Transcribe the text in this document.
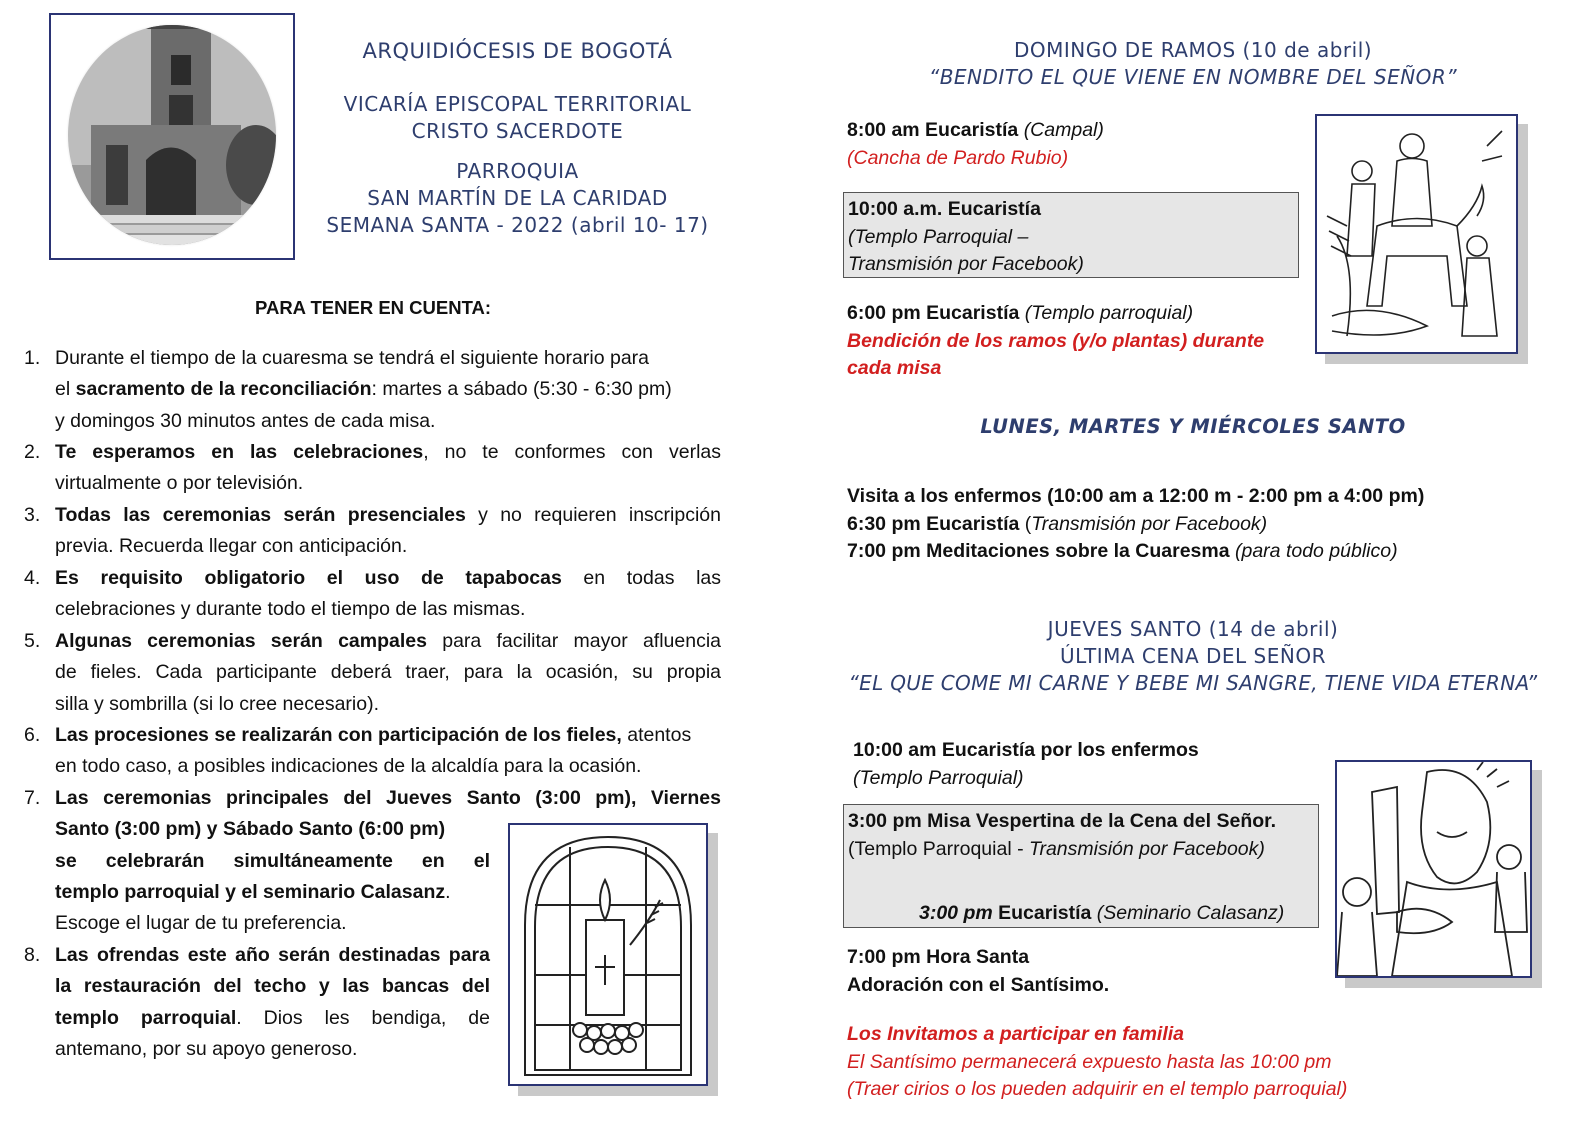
ARQUIDIÓCESIS DE BOGOTÁ
VICARÍA EPISCOPAL TERRITORIAL
CRISTO SACERDOTE
PARROQUIA
SAN MARTÍN DE LA CARIDAD
SEMANA SANTA - 2022 (abril 10- 17)
PARA TENER EN CUENTA:
1. Durante el tiempo de la cuaresma se tendrá el siguiente horario para
el sacramento de la reconciliación: martes a sábado (5:30 - 6:30 pm)
y domingos 30 minutos antes de cada misa.
2. Te esperamos en las celebraciones, no te conformes con verlas
virtualmente o por televisión.
3. Todas las ceremonias serán presenciales y no requieren inscripción
previa. Recuerda llegar con anticipación.
4. Es requisito obligatorio el uso de tapabocas en todas las
celebraciones y durante todo el tiempo de las mismas.
5. Algunas ceremonias serán campales para facilitar mayor afluencia
de fieles. Cada participante deberá traer, para la ocasión, su propia
silla y sombrilla (si lo cree necesario).
6. Las procesiones se realizarán con participación de los fieles, atentos
en todo caso, a posibles indicaciones de la alcaldía para la ocasión.
7. Las ceremonias principales del Jueves Santo (3:00 pm), Viernes
Santo (3:00 pm) y Sábado Santo (6:00 pm)
se celebrarán simultáneamente en el
templo parroquial y el seminario Calasanz.
Escoge el lugar de tu preferencia.
8. Las ofrendas este año serán destinadas para
la restauración del techo y las bancas del
templo parroquial. Dios les bendiga, de
antemano, por su apoyo generoso.
DOMINGO DE RAMOS (10 de abril)
“BENDITO EL QUE VIENE EN NOMBRE DEL SEÑOR”
8:00 am Eucaristía (Campal)
(Cancha de Pardo Rubio)
10:00 a.m. Eucaristía
(Templo Parroquial –
Transmisión por Facebook)
6:00 pm Eucaristía (Templo parroquial)
Bendición de los ramos (y/o plantas) durante
cada misa
LUNES, MARTES Y MIÉRCOLES SANTO
Visita a los enfermos (10:00 am a 12:00 m - 2:00 pm a 4:00 pm)
6:30 pm Eucaristía (Transmisión por Facebook)
7:00 pm Meditaciones sobre la Cuaresma (para todo público)
JUEVES SANTO (14 de abril)
ÚLTIMA CENA DEL SEÑOR
“EL QUE COME MI CARNE Y BEBE MI SANGRE, TIENE VIDA ETERNA”
10:00 am Eucaristía por los enfermos
(Templo Parroquial)
3:00 pm Misa Vespertina de la Cena del Señor.
(Templo Parroquial - Transmisión por Facebook)
3:00 pm Eucaristía (Seminario Calasanz)
7:00 pm Hora Santa
Adoración con el Santísimo.
Los Invitamos a participar en familia
El Santísimo permanecerá expuesto hasta las 10:00 pm
(Traer cirios o los pueden adquirir en el templo parroquial)
